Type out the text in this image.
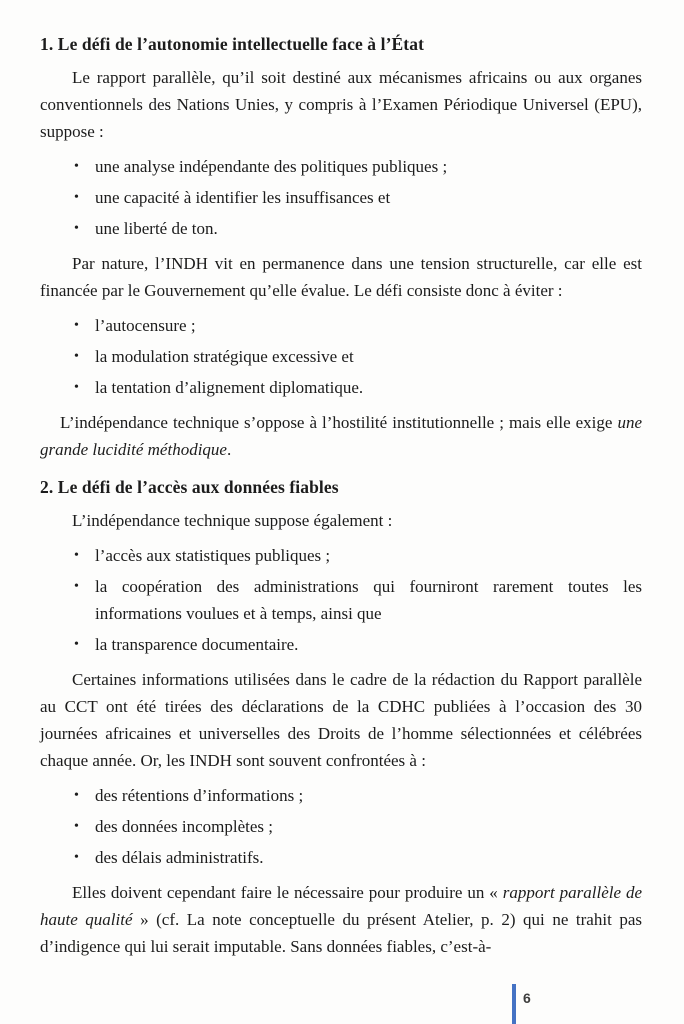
1. Le défi de l’autonomie intellectuelle face à l’État

Le rapport parallèle, qu’il soit destiné aux mécanismes africains ou aux organes conventionnels des Nations Unies, y compris à l’Examen Périodique Universel (EPU), suppose :

• une analyse indépendante des politiques publiques ;
• une capacité à identifier les insuffisances et
• une liberté de ton.

Par nature, l’INDH vit en permanence dans une tension structurelle, car elle est financée par le Gouvernement qu’elle évalue. Le défi consiste donc à éviter :

• l’autocensure ;
• la modulation stratégique excessive et
• la tentation d’alignement diplomatique.

L’indépendance technique s’oppose à l’hostilité institutionnelle ; mais elle exige une grande lucidité méthodique.

2. Le défi de l’accès aux données fiables

L’indépendance technique suppose également :

• l’accès aux statistiques publiques ;
• la coopération des administrations qui fourniront rarement toutes les informations voulues et à temps, ainsi que
• la transparence documentaire.

Certaines informations utilisées dans le cadre de la rédaction du Rapport parallèle au CCT ont été tirées des déclarations de la CDHC publiées à l’occasion des 30 journées africaines et universelles des Droits de l’homme sélectionnées et célébrées chaque année. Or, les INDH sont souvent confrontées à :

• des rétentions d’informations ;
• des données incomplètes ;
• des délais administratifs.

Elles doivent cependant faire le nécessaire pour produire un « rapport parallèle de haute qualité » (cf. La note conceptuelle du présent Atelier, p. 2) qui ne trahit pas d’indigence qui lui serait imputable. Sans données fiables, c’est-à-

6
